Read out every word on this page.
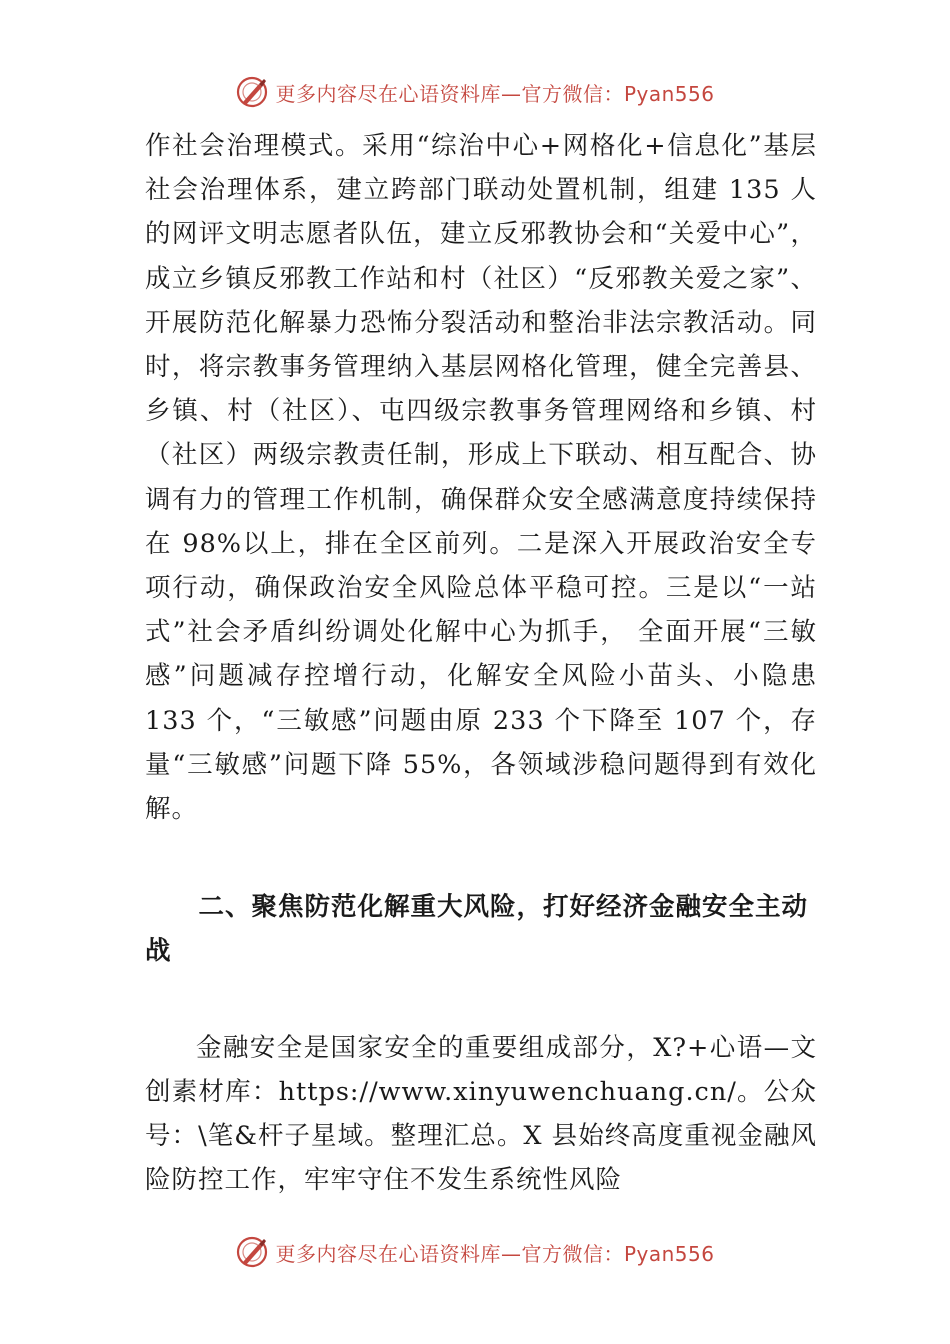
更多内容尽在心语资料库—官方微信：Pyan556

作社会治理模式。采用“综治中心+网格化+信息化”基层社会治理体系，建立跨部门联动处置机制，组建 135 人的网评文明志愿者队伍，建立反邪教协会和“关爱中心”，成立乡镇反邪教工作站和村（社区）“反邪教关爱之家”、开展防范化解暴力恐怖分裂活动和整治非法宗教活动。同时，将宗教事务管理纳入基层网格化管理，健全完善县、乡镇、村（社区）、屯四级宗教事务管理网络和乡镇、村（社区）两级宗教责任制，形成上下联动、相互配合、协调有力的管理工作机制，确保群众安全感满意度持续保持在 98%以上，排在全区前列。二是深入开展政治安全专项行动，确保政治安全风险总体平稳可控。三是以“一站式”社会矛盾纠纷调处化解中心为抓手， 全面开展“三敏感”问题减存控增行动，化解安全风险小苗头、小隐患 133 个，“三敏感”问题由原 233 个下降至 107 个，存量“三敏感”问题下降 55%，各领域涉稳问题得到有效化解。

二、聚焦防范化解重大风险，打好经济金融安全主动战

金融安全是国家安全的重要组成部分，X?+心语—文创素材库：https://www.xinyuwenchuang.cn/。公众号：\笔&杆子星域。整理汇总。X 县始终高度重视金融风险防控工作，牢牢守住不发生系统性风险

更多内容尽在心语资料库—官方微信：Pyan556
